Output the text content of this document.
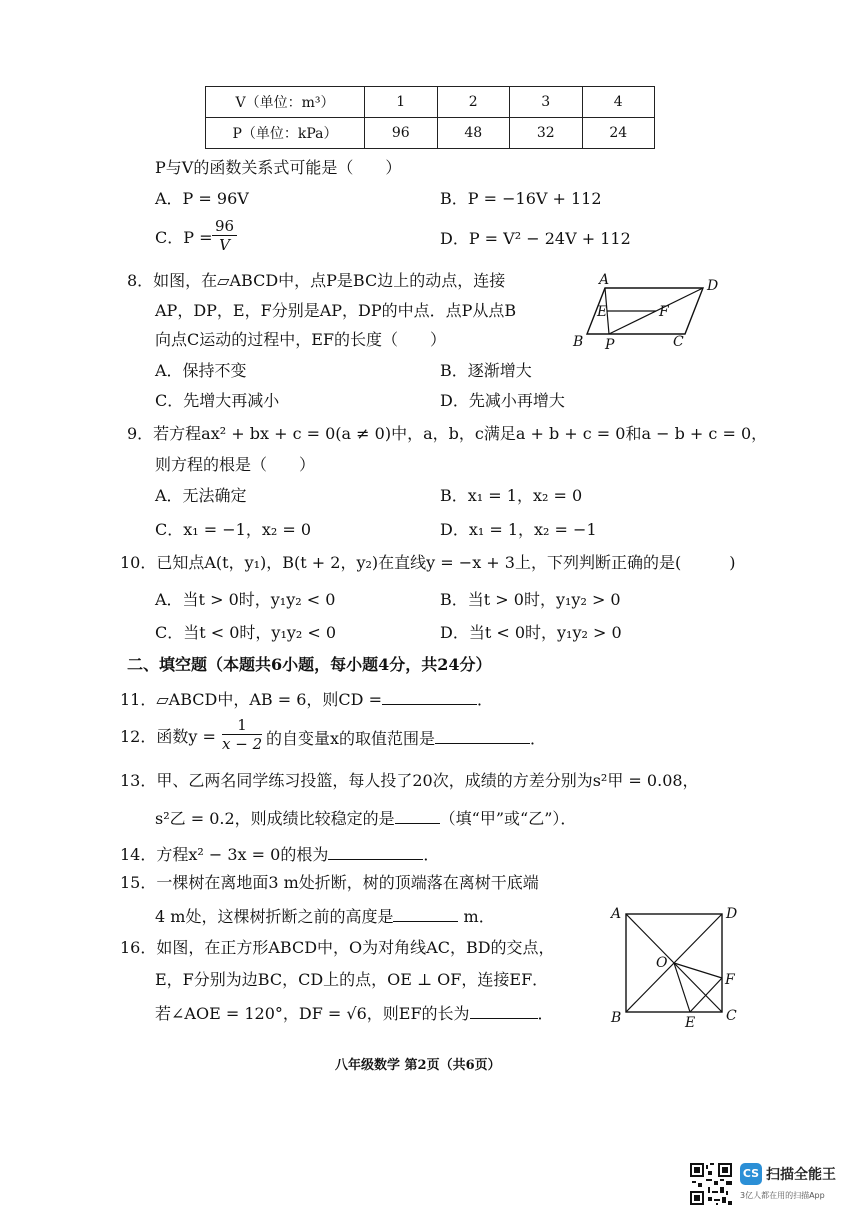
V（单位：m³）	1	2	3	4
P（单位：kPa）	96	48	32	24
P与V的函数关系式可能是（　　）
A．P = 96V	B．P = −16V + 112
C．$P = \frac{96}{V}$	D．P = V² − 24V + 112
8．如图，在▱ABCD中，点P是BC边上的动点，连接
AP，DP，E，F分别是AP，DP的中点．点P从点B
向点C运动的过程中，EF的长度（　　）
A．保持不变	B．逐渐增大
C．先增大再减小	D．先减小再增大
A	D
B	C
P
E	F
9．若方程ax² + bx + c = 0(a ≠ 0)中，a，b，c满足a + b + c = 0和a − b + c = 0，
则方程的根是（　　）
A．无法确定	B．x₁ = 1，x₂ = 0
C．x₁ = −1，x₂ = 0	D．x₁ = 1，x₂ = −1
10．已知点A(t，y₁)，B(t + 2，y₂)在直线y = −x + 3上，下列判断正确的是(　　　)
A．当t > 0时，y₁y₂ < 0	B．当t > 0时，y₁y₂ > 0
C．当t < 0时，y₁y₂ < 0	D．当t < 0时，y₁y₂ > 0
二、填空题（本题共6小题，每小题4分，共24分）
11．▱ABCD中，AB = 6，则CD =	．
12．函数$y = \frac{1}{x - 2}$ 的自变量x的取值范围是	．
13．甲、乙两名同学练习投篮，每人投了20次，成绩的方差分别为s²甲 = 0.08，
s²乙 = 0.2，则成绩比较稳定的是	（填“甲”或“乙”）．
14．方程x² − 3x = 0的根为	．
15．一棵树在离地面3 m处折断，树的顶端落在离树干底端
4 m处，这棵树折断之前的高度是	m．
16．如图，在正方形ABCD中，O为对角线AC，BD的交点，
E，F分别为边BC，CD上的点，OE ⊥ OF，连接EF．
若∠AOE = 120°，DF = √6，则EF的长为	．
A	D
B	C
O
E
F
八年级数学 第2页（共6页）
CS 扫描全能王
3亿人都在用的扫描App
